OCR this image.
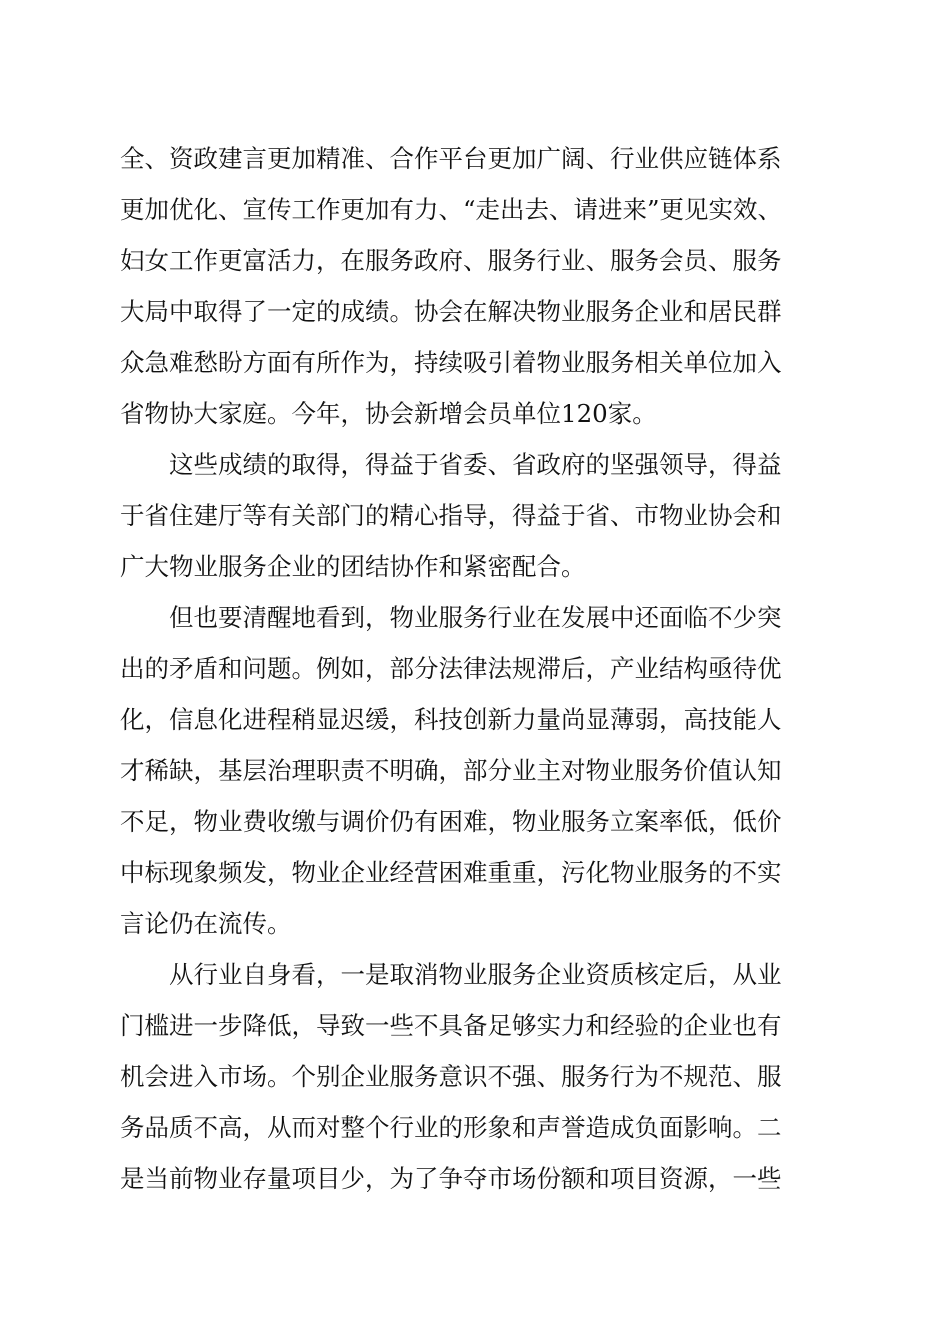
全、资政建言更加精准、合作平台更加广阔、行业供应链体系
更加优化、宣传工作更加有力、“走出去、请进来”更见实效、
妇女工作更富活力，在服务政府、服务行业、服务会员、服务
大局中取得了一定的成绩。协会在解决物业服务企业和居民群
众急难愁盼方面有所作为，持续吸引着物业服务相关单位加入
省物协大家庭。今年，协会新增会员单位120家。
这些成绩的取得，得益于省委、省政府的坚强领导，得益
于省住建厅等有关部门的精心指导，得益于省、市物业协会和
广大物业服务企业的团结协作和紧密配合。
但也要清醒地看到，物业服务行业在发展中还面临不少突
出的矛盾和问题。例如，部分法律法规滞后，产业结构亟待优
化，信息化进程稍显迟缓，科技创新力量尚显薄弱，高技能人
才稀缺，基层治理职责不明确，部分业主对物业服务价值认知
不足，物业费收缴与调价仍有困难，物业服务立案率低，低价
中标现象频发，物业企业经营困难重重，污化物业服务的不实
言论仍在流传。
从行业自身看，一是取消物业服务企业资质核定后，从业
门槛进一步降低，导致一些不具备足够实力和经验的企业也有
机会进入市场。个别企业服务意识不强、服务行为不规范、服
务品质不高，从而对整个行业的形象和声誉造成负面影响。二
是当前物业存量项目少，为了争夺市场份额和项目资源，一些
